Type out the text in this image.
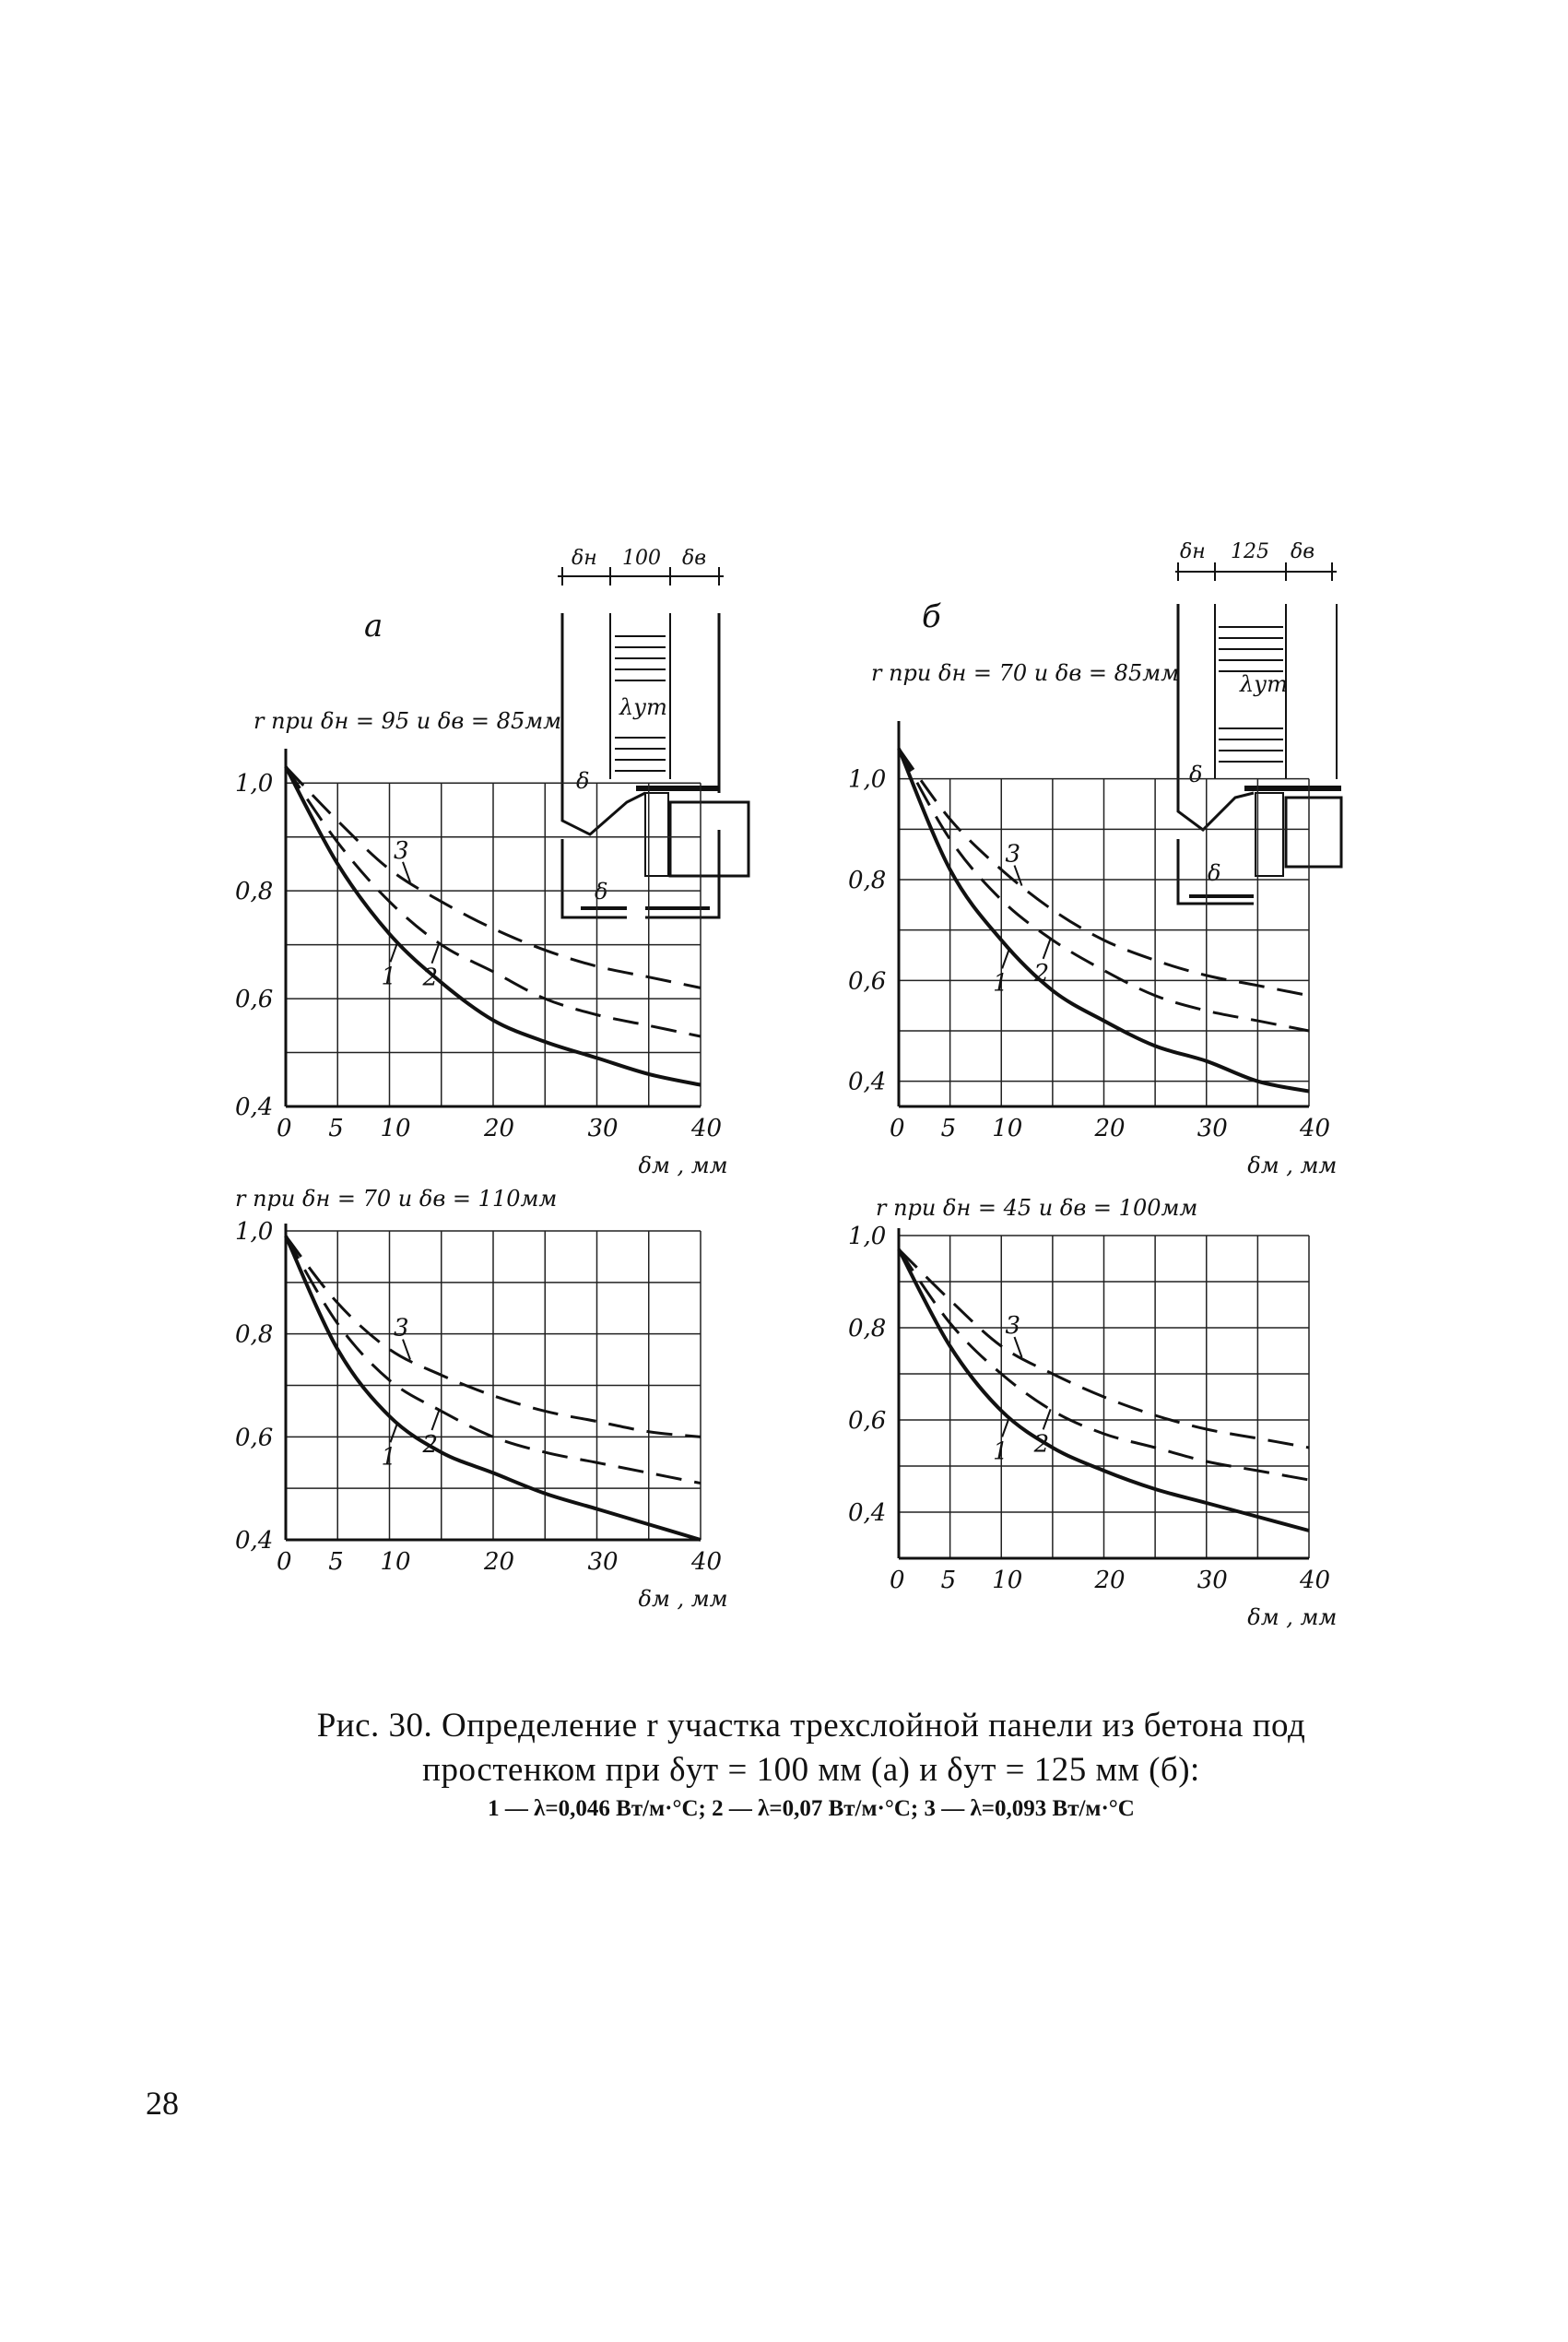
а	б
r при δн = 95 и δв = 85мм
r при δн = 70 и δв = 85мм
r при δн = 70 и δв = 110мм	r при δн = 45 и δв = 100мм
δн 100 δв
λут
δ
δ
δн 125 δв
λут
δ
δ
0,4
0,6
0,8
1,0
0 5 10	20	30	40
δм , мм
1 2
3
0,4
0,6
0,8
1,0
0 5 10	20	30	40
δм , мм
1 2
3
0,4
0,6
0,8
1,0
0 5 10	20	30	40
δм , мм
1 2
3
0,4
0,6
0,8
1,0
0 5 10	20	30	40
δм , мм
1 2
3
Рис. 30. Определение r участка трехслойной панели из бетона под
простенком при δут = 100 мм (а) и δут = 125 мм (б):
1 — λ=0,046 Вт/м·°С; 2 — λ=0,07 Вт/м·°С; 3 — λ=0,093 Вт/м·°С
28
